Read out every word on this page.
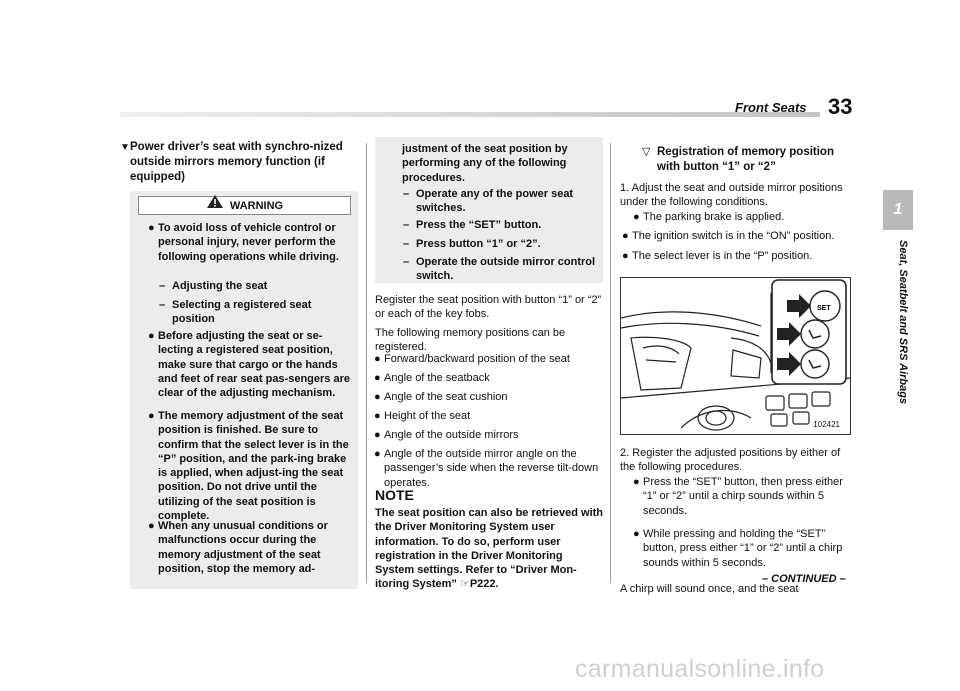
Front Seats 33
1
Seat, Seatbelt and SRS Airbags
▼ Power driver’s seat with synchro-nized outside mirrors memory function (if equipped)
WARNING
● To avoid loss of vehicle control or personal injury, never perform the following operations while driving.
– Adjusting the seat
– Selecting a registered seat position
● Before adjusting the seat or se-lecting a registered seat position, make sure that cargo or the hands and feet of rear seat pas-sengers are clear of the adjusting mechanism.
● The memory adjustment of the seat position is finished. Be sure to confirm that the select lever is in the “P” position, and the park-ing brake is applied, when adjust-ing the seat position. Do not drive until the utilizing of the seat position is complete.
● When any unusual conditions or malfunctions occur during the memory adjustment of the seat position, stop the memory ad-
justment of the seat position by performing any of the following procedures.
– Operate any of the power seat switches.
– Press the “SET” button.
– Press button “1” or “2”.
– Operate the outside mirror control switch.
Register the seat position with button “1” or “2” or each of the key fobs.
The following memory positions can be registered.
● Forward/backward position of the seat
● Angle of the seatback
● Angle of the seat cushion
● Height of the seat
● Angle of the outside mirrors
● Angle of the outside mirror angle on the passenger’s side when the reverse tilt-down operates.
NOTE
The seat position can also be retrieved with the Driver Monitoring System user information. To do so, perform user registration in the Driver Monitoring System settings. Refer to “Driver Mon-itoring System” ☞P222.
▽ Registration of memory position with button “1” or “2”
1. Adjust the seat and outside mirror positions under the following conditions.
● The parking brake is applied.
● The ignition switch is in the “ON” position.
● The select lever is in the “P” position.
SET
102421
2. Register the adjusted positions by either of the following procedures.
● Press the “SET” button, then press either “1” or “2” until a chirp sounds within 5 seconds.
● While pressing and holding the “SET” button, press either “1” or “2” until a chirp sounds within 5 seconds.
A chirp will sound once, and the seat
– CONTINUED –
carmanualsonline.info
